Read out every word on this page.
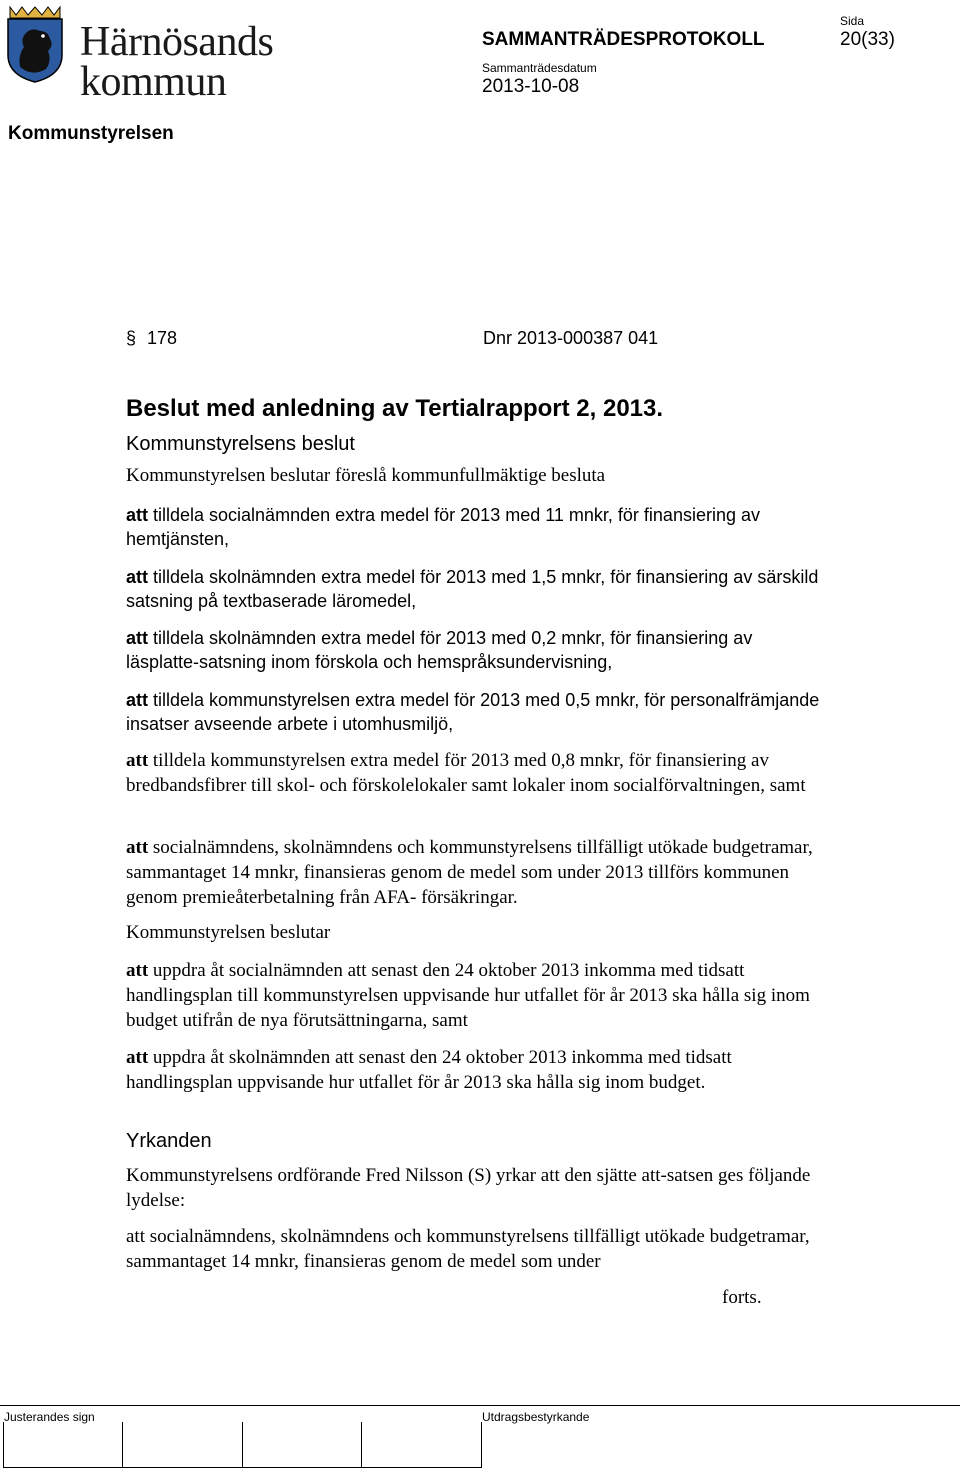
Härnösands
kommun
SAMMANTRÄDESPROTOKOLL
Sammanträdesdatum
2013-10-08
Sida
20(33)
Kommunstyrelsen
§ 178	Dnr 2013-000387 041
Beslut med anledning av Tertialrapport 2, 2013.
Kommunstyrelsens beslut
Kommunstyrelsen beslutar föreslå kommunfullmäktige besluta
att tilldela socialnämnden extra medel för 2013 med 11 mnkr, för finansiering av hemtjänsten,
att tilldela skolnämnden extra medel för 2013 med 1,5 mnkr, för finansiering av särskild satsning på textbaserade läromedel,
att tilldela skolnämnden extra medel för 2013 med 0,2 mnkr, för finansiering av läsplatte-satsning inom förskola och hemspråksundervisning,
att tilldela kommunstyrelsen extra medel för 2013 med 0,5 mnkr, för personalfrämjande insatser avseende arbete i utomhusmiljö,
att tilldela kommunstyrelsen extra medel för 2013 med 0,8 mnkr, för finansiering av bredbandsfibrer till skol- och förskolelokaler samt lokaler inom socialförvaltningen, samt
att socialnämndens, skolnämndens och kommunstyrelsens tillfälligt utökade budgetramar, sammantaget 14 mnkr, finansieras genom de medel som under 2013 tillförs kommunen genom premieåterbetalning från AFA- försäkringar.
Kommunstyrelsen beslutar
att uppdra åt socialnämnden att senast den 24 oktober 2013 inkomma med tidsatt handlingsplan till kommunstyrelsen uppvisande hur utfallet för år 2013 ska hålla sig inom budget utifrån de nya förutsättningarna, samt
att uppdra åt skolnämnden att senast den 24 oktober 2013 inkomma med tidsatt handlingsplan uppvisande hur utfallet för år 2013 ska hålla sig inom budget.
Yrkanden
Kommunstyrelsens ordförande Fred Nilsson (S) yrkar att den sjätte att-satsen ges följande lydelse:
att socialnämndens, skolnämndens och kommunstyrelsens tillfälligt utökade budgetramar, sammantaget 14 mnkr, finansieras genom de medel som under
forts.
Justerandes sign	Utdragsbestyrkande
